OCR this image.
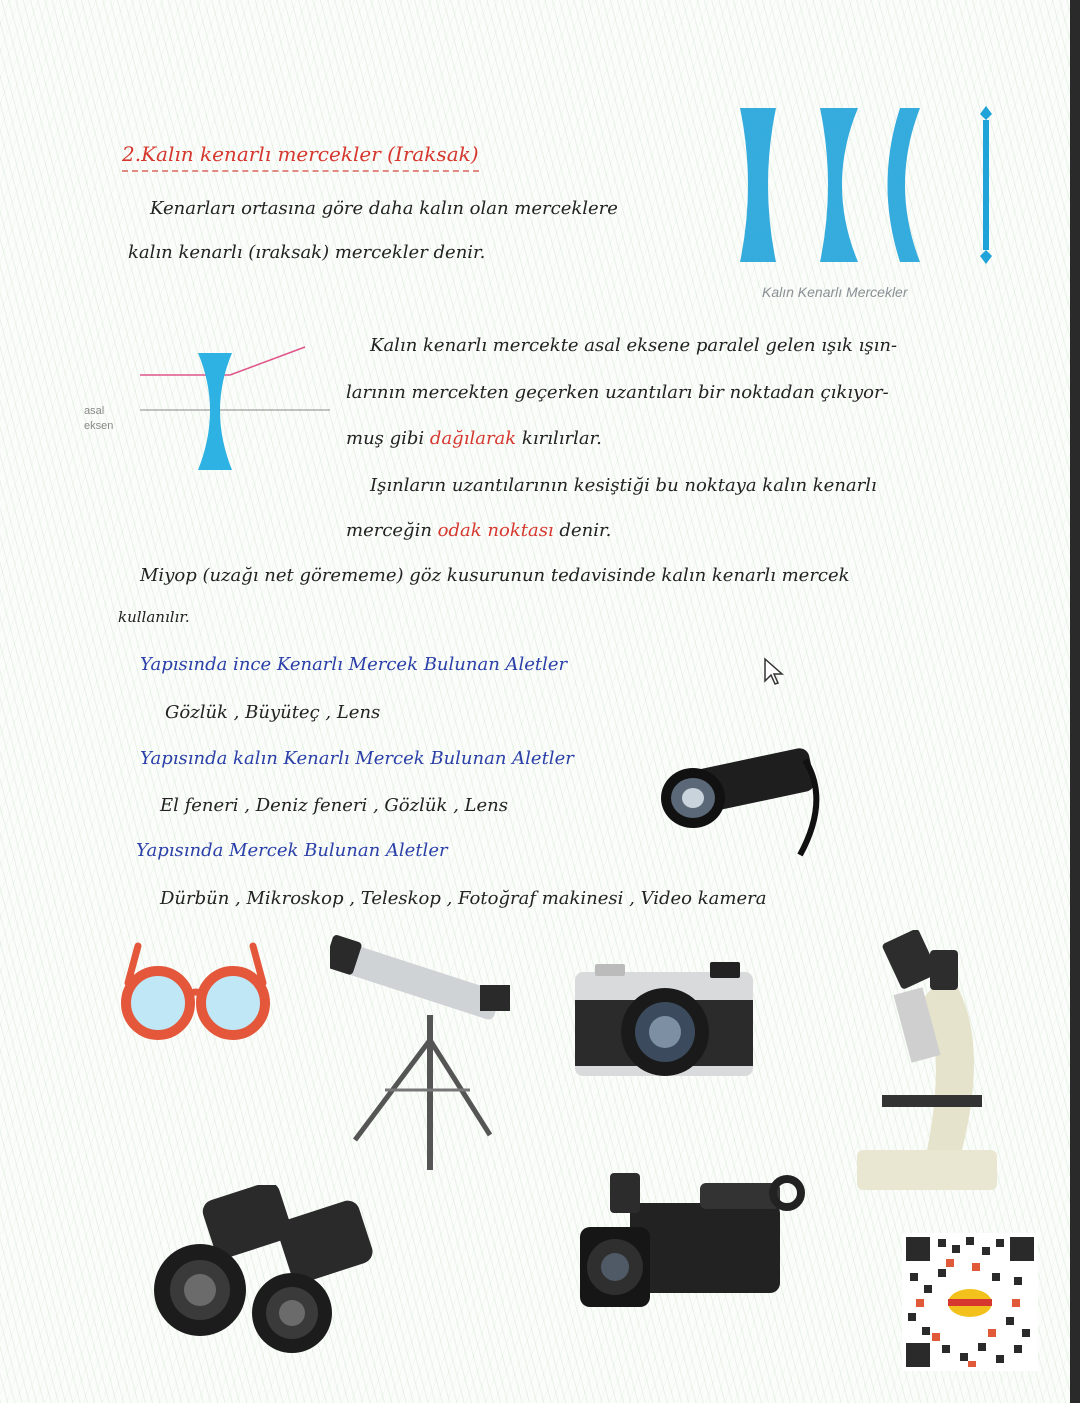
2.Kalın kenarlı mercekler (Iraksak)
Kenarları ortasına göre daha kalın olan merceklere
kalın kenarlı (ıraksak) mercekler denir.
Kalın Kenarlı Mercekler
asal
eksen
Kalın kenarlı mercekte asal eksene paralel gelen ışık ışın-
larının mercekten geçerken uzantıları bir noktadan çıkıyor-
muş gibi dağılarak kırılırlar.
Işınların uzantılarının kesiştiği bu noktaya kalın kenarlı
merceğin odak noktası denir.
Miyop (uzağı net görememe) göz kusurunun tedavisinde kalın kenarlı mercek
kullanılır.
Yapısında ince Kenarlı Mercek Bulunan Aletler
Gözlük , Büyüteç , Lens
Yapısında kalın Kenarlı Mercek Bulunan Aletler
El feneri , Deniz feneri , Gözlük , Lens
Yapısında Mercek Bulunan Aletler
Dürbün , Mikroskop , Teleskop , Fotoğraf makinesi , Video kamera
